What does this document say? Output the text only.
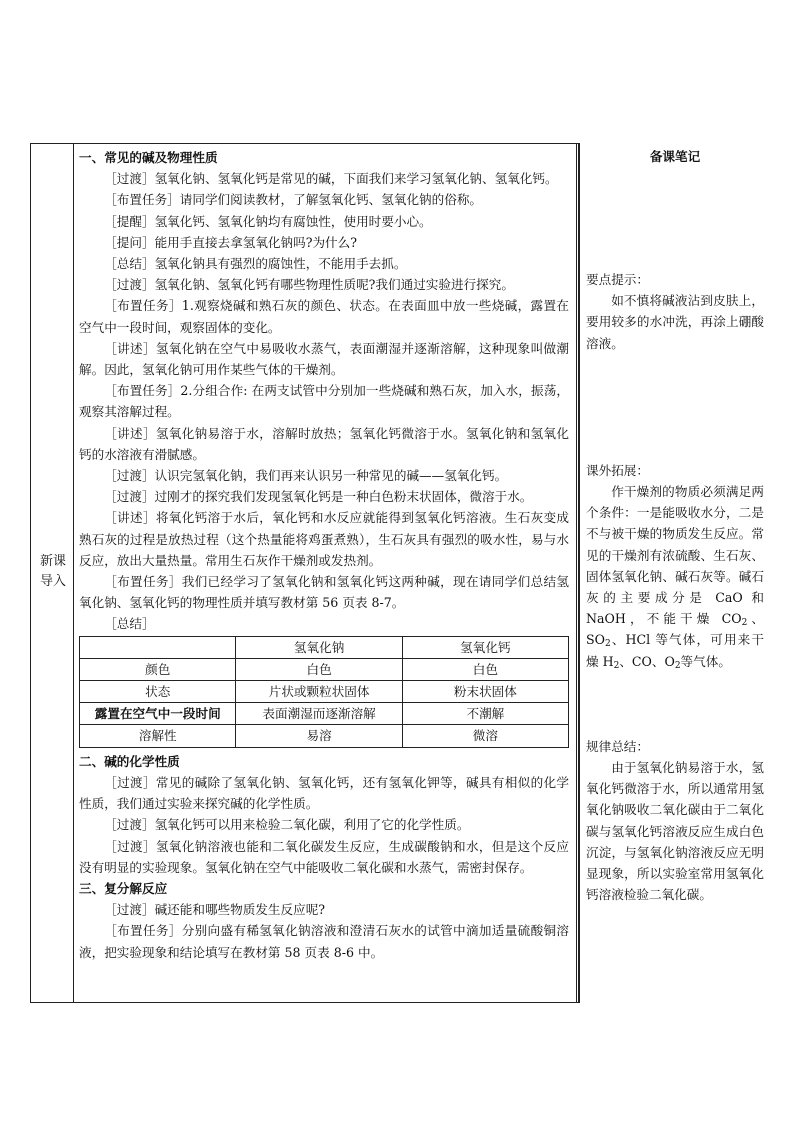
新课导入

一、常见的碱及物理性质

［过渡］氢氧化钠、氢氧化钙是常见的碱，下面我们来学习氢氧化钠、氢氧化钙。

［布置任务］请同学们阅读教材，了解氢氧化钙、氢氧化钠的俗称。

［提醒］氢氧化钙、氢氧化钠均有腐蚀性，使用时要小心。

［提问］能用手直接去拿氢氧化钠吗?为什么?

［总结］氢氧化钠具有强烈的腐蚀性，不能用手去抓。

［过渡］氢氧化钠、氢氧化钙有哪些物理性质呢?我们通过实验进行探究。

［布置任务］1.观察烧碱和熟石灰的颜色、状态。在表面皿中放一些烧碱，露置在空气中一段时间，观察固体的变化。

［讲述］氢氧化钠在空气中易吸收水蒸气，表面潮湿并逐渐溶解，这种现象叫做潮解。因此，氢氧化钠可用作某些气体的干燥剂。

［布置任务］2.分组合作: 在两支试管中分别加一些烧碱和熟石灰，加入水，振荡，观察其溶解过程。

［讲述］氢氧化钠易溶于水，溶解时放热；氢氧化钙微溶于水。氢氧化钠和氢氧化钙的水溶液有滑腻感。

［过渡］认识完氢氧化钠，我们再来认识另一种常见的碱——氢氧化钙。

［过渡］过刚才的探究我们发现氢氧化钙是一种白色粉末状固体，微溶于水。

［讲述］将氧化钙溶于水后，氧化钙和水反应就能得到氢氧化钙溶液。生石灰变成熟石灰的过程是放热过程（这个热量能将鸡蛋煮熟），生石灰具有强烈的吸水性，易与水反应，放出大量热量。常用生石灰作干燥剂或发热剂。

［布置任务］我们已经学习了氢氧化钠和氢氧化钙这两种碱，现在请同学们总结氢氧化钠、氢氧化钙的物理性质并填写教材第 56 页表 8-7。

［总结］

	氢氧化钠	氢氧化钙
颜色	白色	白色
状态	片状或颗粒状固体	粉末状固体
露置在空气中一段时间	表面潮湿而逐渐溶解	不潮解
溶解性	易溶	微溶

二、碱的化学性质

［过渡］常见的碱除了氢氧化钠、氢氧化钙，还有氢氧化钾等，碱具有相似的化学性质，我们通过实验来探究碱的化学性质。

［过渡］氢氧化钙可以用来检验二氧化碳，利用了它的化学性质。

［过渡］氢氧化钠溶液也能和二氧化碳发生反应，生成碳酸钠和水，但是这个反应没有明显的实验现象。氢氧化钠在空气中能吸收二氧化碳和水蒸气，需密封保存。

三、复分解反应

［过渡］碱还能和哪些物质发生反应呢?

［布置任务］分别向盛有稀氢氧化钠溶液和澄清石灰水的试管中滴加适量硫酸铜溶液，把实验现象和结论填写在教材第 58 页表 8-6 中。

备课笔记

要点提示：

如不慎将碱液沾到皮肤上，要用较多的水冲洗，再涂上硼酸溶液。

课外拓展：

作干燥剂的物质必须满足两个条件：一是能吸收水分，二是不与被干燥的物质发生反应。常见的干燥剂有浓硫酸、生石灰、固体氢氧化钠、碱石灰等。碱石灰的主要成分是 CaO 和 NaOH，不能干燥 $CO_2$、$SO_2$、HCl 等气体，可用来干燥 $H_2$、CO、$O_2$等气体。

规律总结：

由于氢氧化钠易溶于水，氢氧化钙微溶于水，所以通常用氢氧化钠吸收二氧化碳由于二氧化碳与氢氧化钙溶液反应生成白色沉淀，与氢氧化钠溶液反应无明显现象，所以实验室常用氢氧化钙溶液检验二氧化碳。
